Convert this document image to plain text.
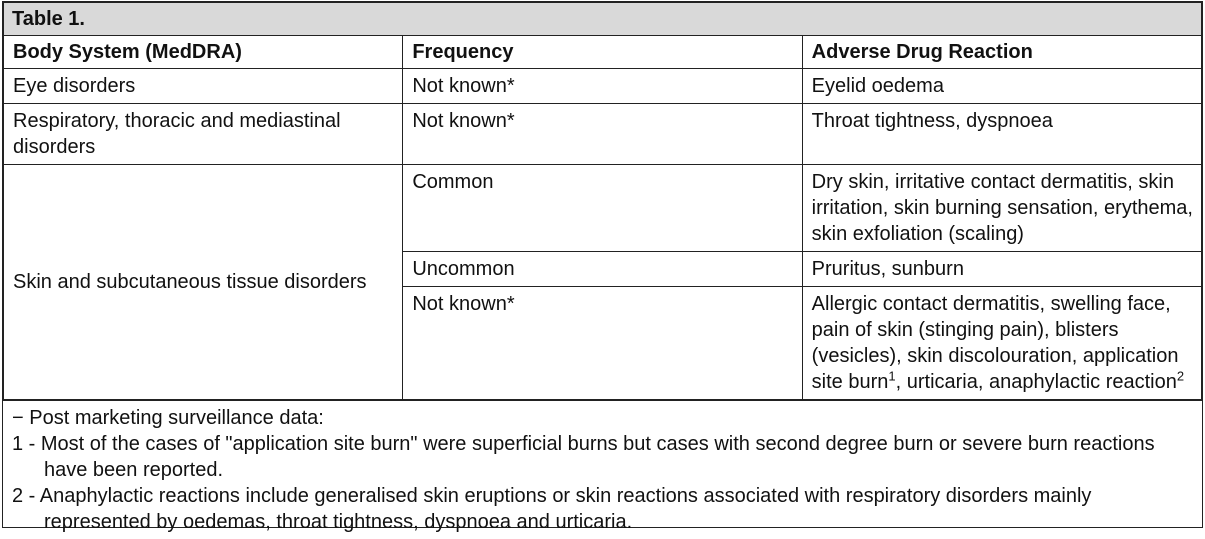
Table 1.		
Body System (MedDRA)	Frequency	Adverse Drug Reaction
Eye disorders	Not known*	Eyelid oedema
Respiratory, thoracic and mediastinal disorders	Not known*	Throat tightness, dyspnoea
Skin and subcutaneous tissue disorders	Common	Dry skin, irritative contact dermatitis, skin irritation, skin burning sensation, erythema, skin exfoliation (scaling)
	Uncommon	Pruritus, sunburn
	Not known*	Allergic contact dermatitis, swelling face, pain of skin (stinging pain), blisters (vesicles), skin discolouration, application site burn$^1$, urticaria, anaphylactic reaction$^2$
− Post marketing surveillance data:
1 - Most of the cases of "application site burn" were superficial burns but cases with second degree burn or severe burn reactions have been reported.
2 - Anaphylactic reactions include generalised skin eruptions or skin reactions associated with respiratory disorders mainly represented by oedemas, throat tightness, dyspnoea and urticaria.
